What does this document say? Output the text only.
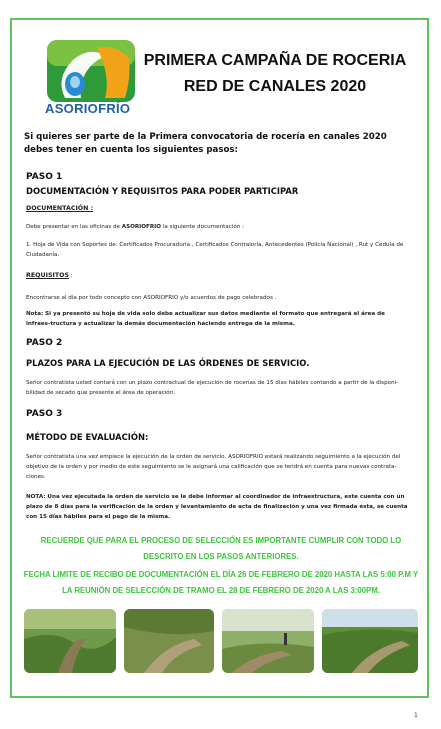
ASORIOFRÍO
PRIMERA CAMPAÑA DE ROCERIA
RED DE CANALES 2020
Si quieres ser parte de la Primera convocatoria de rocería en canales 2020 debes tener en cuenta los siguientes pasos:
PASO 1
DOCUMENTACIÓN Y REQUISITOS PARA PODER PARTICIPAR
DOCUMENTACIÓN :
Debe presentar en las oficinas de ASORIOFRIO la siguiente documentación :
1. Hoja de Vida con Soportes de: Certificados Procuraduría , Certificados Contraloría, Antecedentes (Policía Nacional) , Rut y Cédula de Ciudadanía.
REQUISITOS :
Encontrarse al día por todo concepto con ASORIOFRIO y/o acuerdos de pago celebrados .
Nota: Si ya presentó su hoja de vida solo debe actualizar sus datos mediante el formato que entregará el área de infraes-tructura y actualizar la demás documentación haciendo entrega de la misma.
PASO 2
PLAZOS PARA LA EJECUCIÓN DE LAS ÓRDENES DE SERVICIO.
Señor contratista usted contará con un plazo contractual de ejecución de rocerías de 15 días hábiles contando a partir de la disponi-bilidad de secado que presente el área de operación.
PASO 3
MÉTODO DE EVALUACIÓN:
Señor contratista una vez empiece la ejecución de la orden de servicio, ASORIOFRIO estará realizando seguimiento a la ejecución del objetivo de la orden y por medio de este seguimiento se le asignará una calificación que se tendrá en cuenta para nuevas contrata-ciones.
NOTA: Una vez ejecutada la orden de servicio se le debe informar al coordinador de infraestructura, este cuenta con un plazo de 8 días para la verificación de la orden y levantamiento de acta de finalización y una vez firmada ésta, se cuenta con 15 días hábiles para el pago de la misma.
RECUERDE QUE PARA EL PROCESO DE SELECCIÓN ES IMPORTANTE CUMPLIR CON TODO LO DESCRITO EN LOS PASOS ANTERIORES.
FECHA LIMITE DE RECIBO DE DOCUMENTACIÓN EL DÍA 26 DE FEBRERO DE 2020 HASTA LAS 5:00 P.M Y LA REUNIÓN DE SELECCIÓN DE TRAMO EL 28 DE FEBRERO DE 2020 A LAS 3:00PM.
1
